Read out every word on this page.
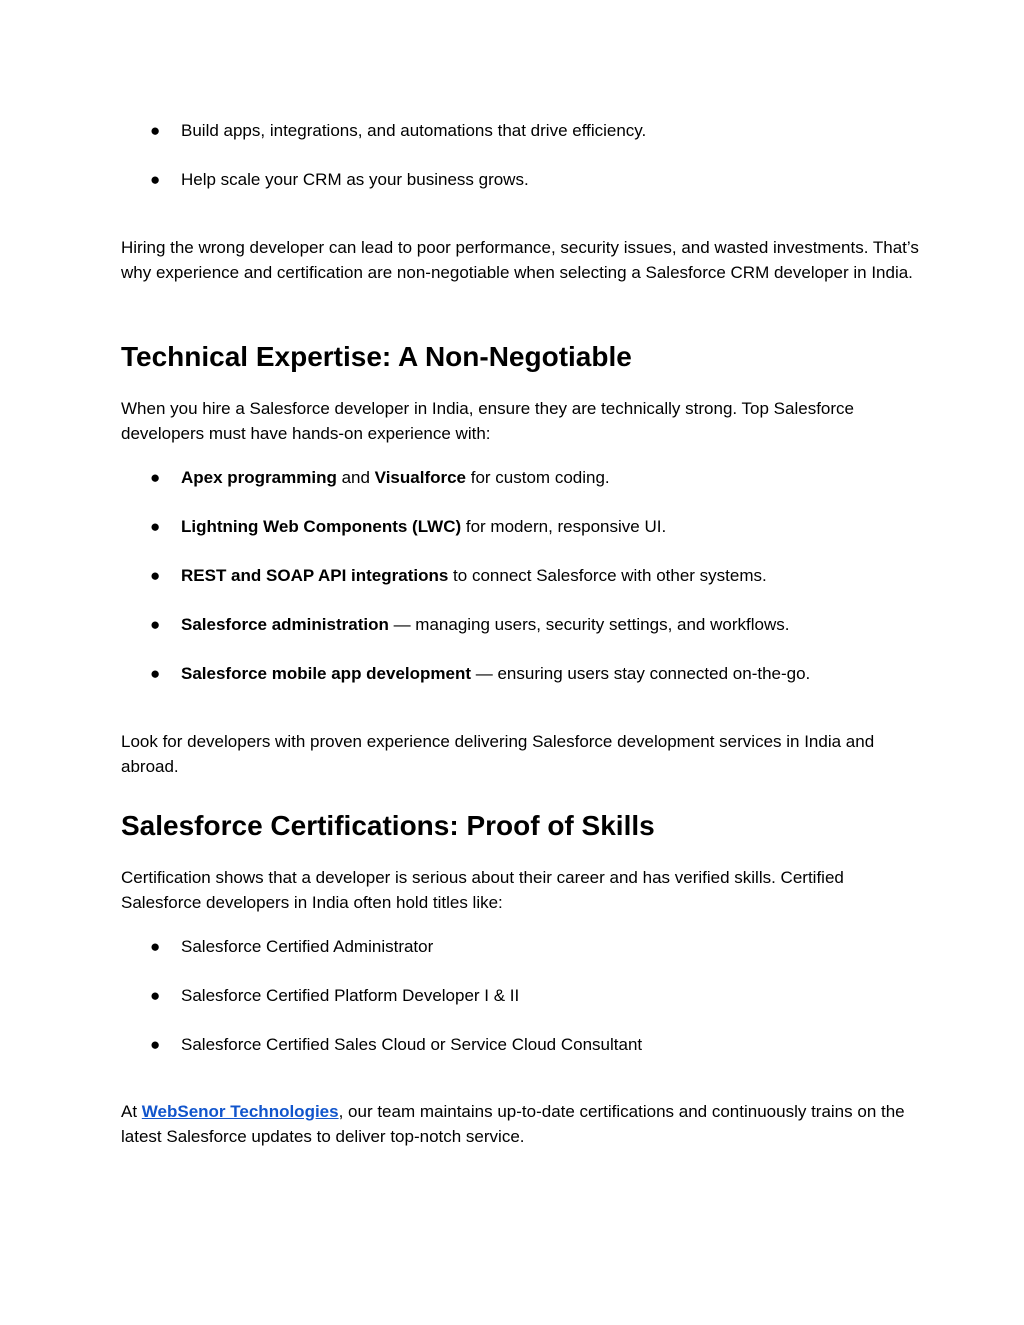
● Build apps, integrations, and automations that drive efficiency.
● Help scale your CRM as your business grows.

Hiring the wrong developer can lead to poor performance, security issues, and wasted investments. That’s why experience and certification are non-negotiable when selecting a Salesforce CRM developer in India.

Technical Expertise: A Non-Negotiable

When you hire a Salesforce developer in India, ensure they are technically strong. Top Salesforce developers must have hands-on experience with:

● Apex programming and Visualforce for custom coding.
● Lightning Web Components (LWC) for modern, responsive UI.
● REST and SOAP API integrations to connect Salesforce with other systems.
● Salesforce administration — managing users, security settings, and workflows.
● Salesforce mobile app development — ensuring users stay connected on-the-go.

Look for developers with proven experience delivering Salesforce development services in India and abroad.

Salesforce Certifications: Proof of Skills

Certification shows that a developer is serious about their career and has verified skills. Certified Salesforce developers in India often hold titles like:

● Salesforce Certified Administrator
● Salesforce Certified Platform Developer I & II
● Salesforce Certified Sales Cloud or Service Cloud Consultant

At WebSenor Technologies, our team maintains up-to-date certifications and continuously trains on the latest Salesforce updates to deliver top-notch service.
